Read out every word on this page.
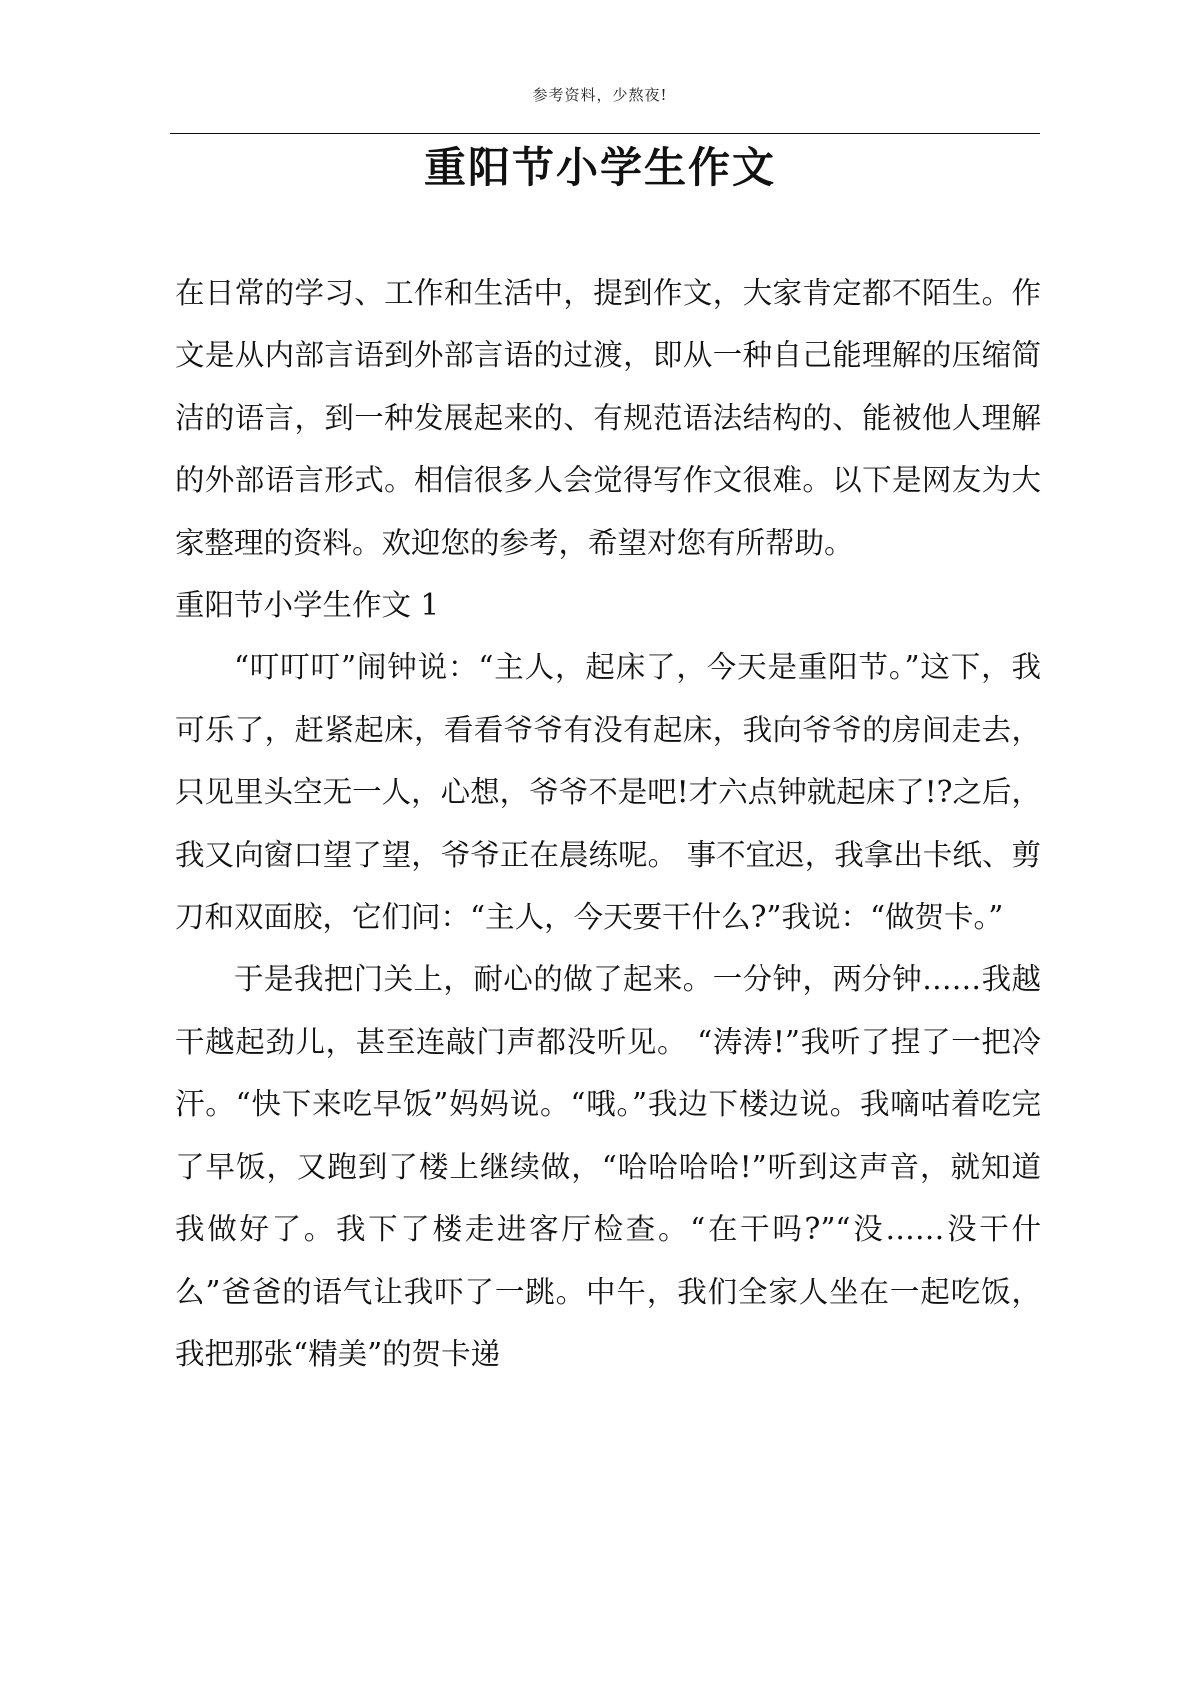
参考资料，少熬夜!
重阳节小学生作文

在日常的学习、工作和生活中，提到作文，大家肯定都不陌生。作文是从内部言语到外部言语的过渡，即从一种自己能理解的压缩简洁的语言，到一种发展起来的、有规范语法结构的、能被他人理解的外部语言形式。相信很多人会觉得写作文很难。以下是网友为大家整理的资料。欢迎您的参考，希望对您有所帮助。

重阳节小学生作文 1

“叮叮叮”闹钟说：“主人，起床了，今天是重阳节。”这下，我可乐了，赶紧起床，看看爷爷有没有起床，我向爷爷的房间走去，只见里头空无一人，心想，爷爷不是吧!才六点钟就起床了!?之后，我又向窗口望了望，爷爷正在晨练呢。 事不宜迟，我拿出卡纸、剪刀和双面胶，它们问：“主人，今天要干什么?”我说：“做贺卡。”

于是我把门关上，耐心的做了起来。一分钟，两分钟……我越干越起劲儿，甚至连敲门声都没听见。 “涛涛!”我听了捏了一把冷汗。“快下来吃早饭”妈妈说。“哦。”我边下楼边说。我嘀咕着吃完了早饭，又跑到了楼上继续做，“哈哈哈哈!”听到这声音，就知道我做好了。我下了楼走进客厅检查。“在干吗?”“没……没干什么”爸爸的语气让我吓了一跳。中午，我们全家人坐在一起吃饭，我把那张“精美”的贺卡递
